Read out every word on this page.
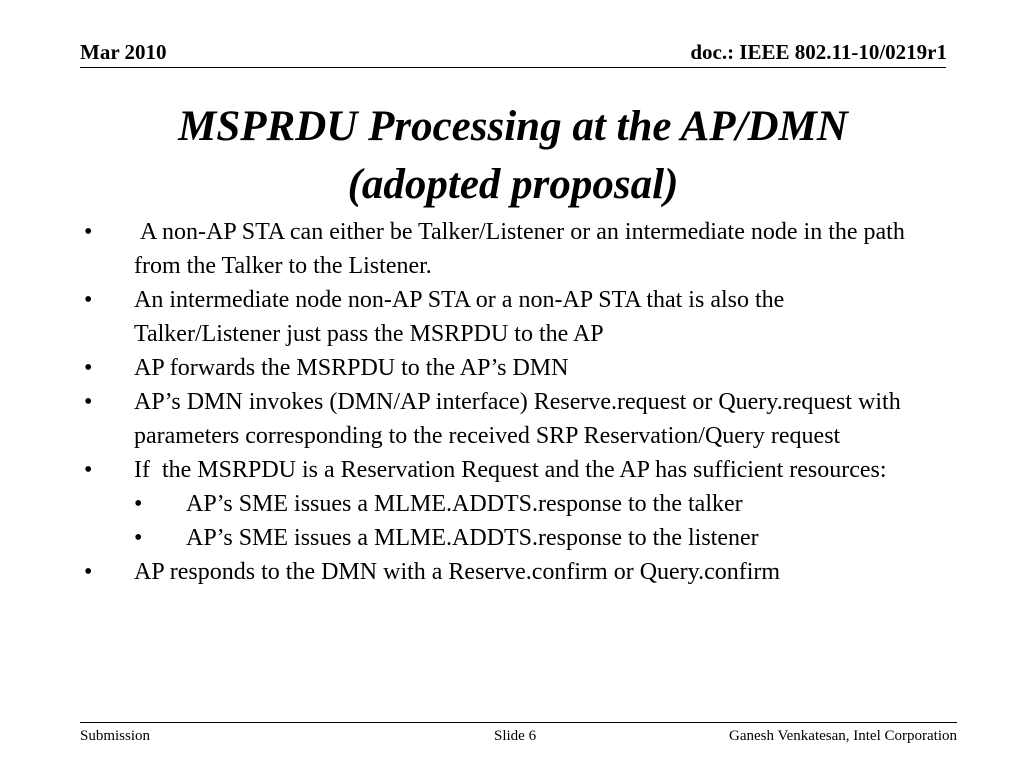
Mar 2010	doc.: IEEE 802.11-10/0219r1
MSPRDU Processing at the AP/DMN
(adopted proposal)
• A non-AP STA can either be Talker/Listener or an intermediate node in the path from the Talker to the Listener.
• An intermediate node non-AP STA or a non-AP STA that is also the Talker/Listener just pass the MSRPDU to the AP
• AP forwards the MSRPDU to the AP’s DMN
• AP’s DMN invokes (DMN/AP interface) Reserve.request or Query.request with parameters corresponding to the received SRP Reservation/Query request
• If  the MSRPDU is a Reservation Request and the AP has sufficient resources:
• AP’s SME issues a MLME.ADDTS.response to the talker
• AP’s SME issues a MLME.ADDTS.response to the listener
• AP responds to the DMN with a Reserve.confirm or Query.confirm
Submission	Slide 6	Ganesh Venkatesan, Intel Corporation
